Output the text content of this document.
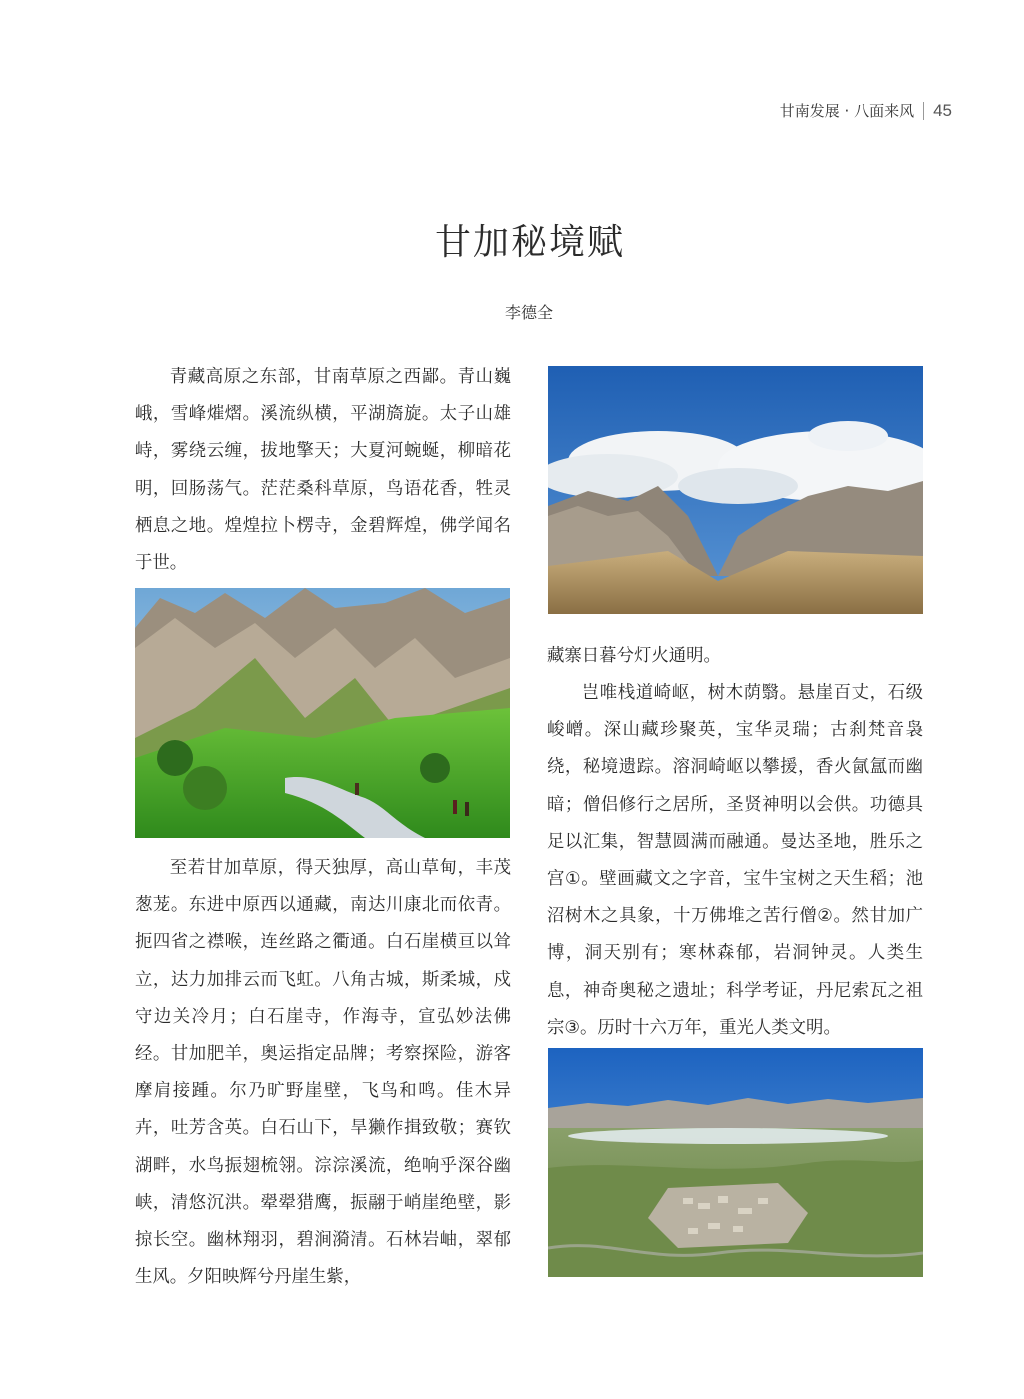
甘南发展 · 八面来风 45
甘加秘境赋
李德全

青藏高原之东部，甘南草原之西鄙。青山巍峨，雪峰熣熠。溪流纵横，平湖旖旋。太子山雄峙，雾绕云缠，拔地擎天；大夏河蜿蜒，柳暗花明，回肠荡气。茫茫桑科草原，鸟语花香，牲灵栖息之地。煌煌拉卜楞寺，金碧辉煌，佛学闻名于世。

至若甘加草原，得天独厚，高山草甸，丰茂葱茏。东进中原西以通藏，南达川康北而依青。扼四省之襟喉，连丝路之衢通。白石崖横亘以耸立，达力加排云而飞虹。八角古城，斯柔城，戍守边关冷月；白石崖寺，作海寺，宣弘妙法佛经。甘加肥羊，奥运指定品牌；考察探险，游客摩肩接踵。尔乃旷野崖壁，飞鸟和鸣。佳木异卉，吐芳含英。白石山下，旱獭作揖致敬；赛钦湖畔，水鸟振翅梳翎。淙淙溪流，绝响乎深谷幽峡，清悠沉洪。翚翚猎鹰，振翮于峭崖绝壁，影掠长空。幽林翔羽，碧涧漪清。石林岩岫，翠郁生风。夕阳映辉兮丹崖生紫，

藏寨日暮兮灯火通明。

岂唯栈道崎岖，树木荫翳。悬崖百丈，石级峻嶒。深山藏珍聚英，宝华灵瑞；古刹梵音袅绕，秘境遗踪。溶洞崎岖以攀援，香火氤氲而幽暗；僧侣修行之居所，圣贤神明以会供。功德具足以汇集，智慧圆满而融通。曼达圣地，胜乐之宫①。壁画藏文之字音，宝牛宝树之天生稻；池沼树木之具象，十万佛堆之苦行僧②。然甘加广博，洞天别有；寒林森郁，岩洞钟灵。人类生息，神奇奥秘之遗址；科学考证，丹尼索瓦之祖宗③。历时十六万年，重光人类文明。
